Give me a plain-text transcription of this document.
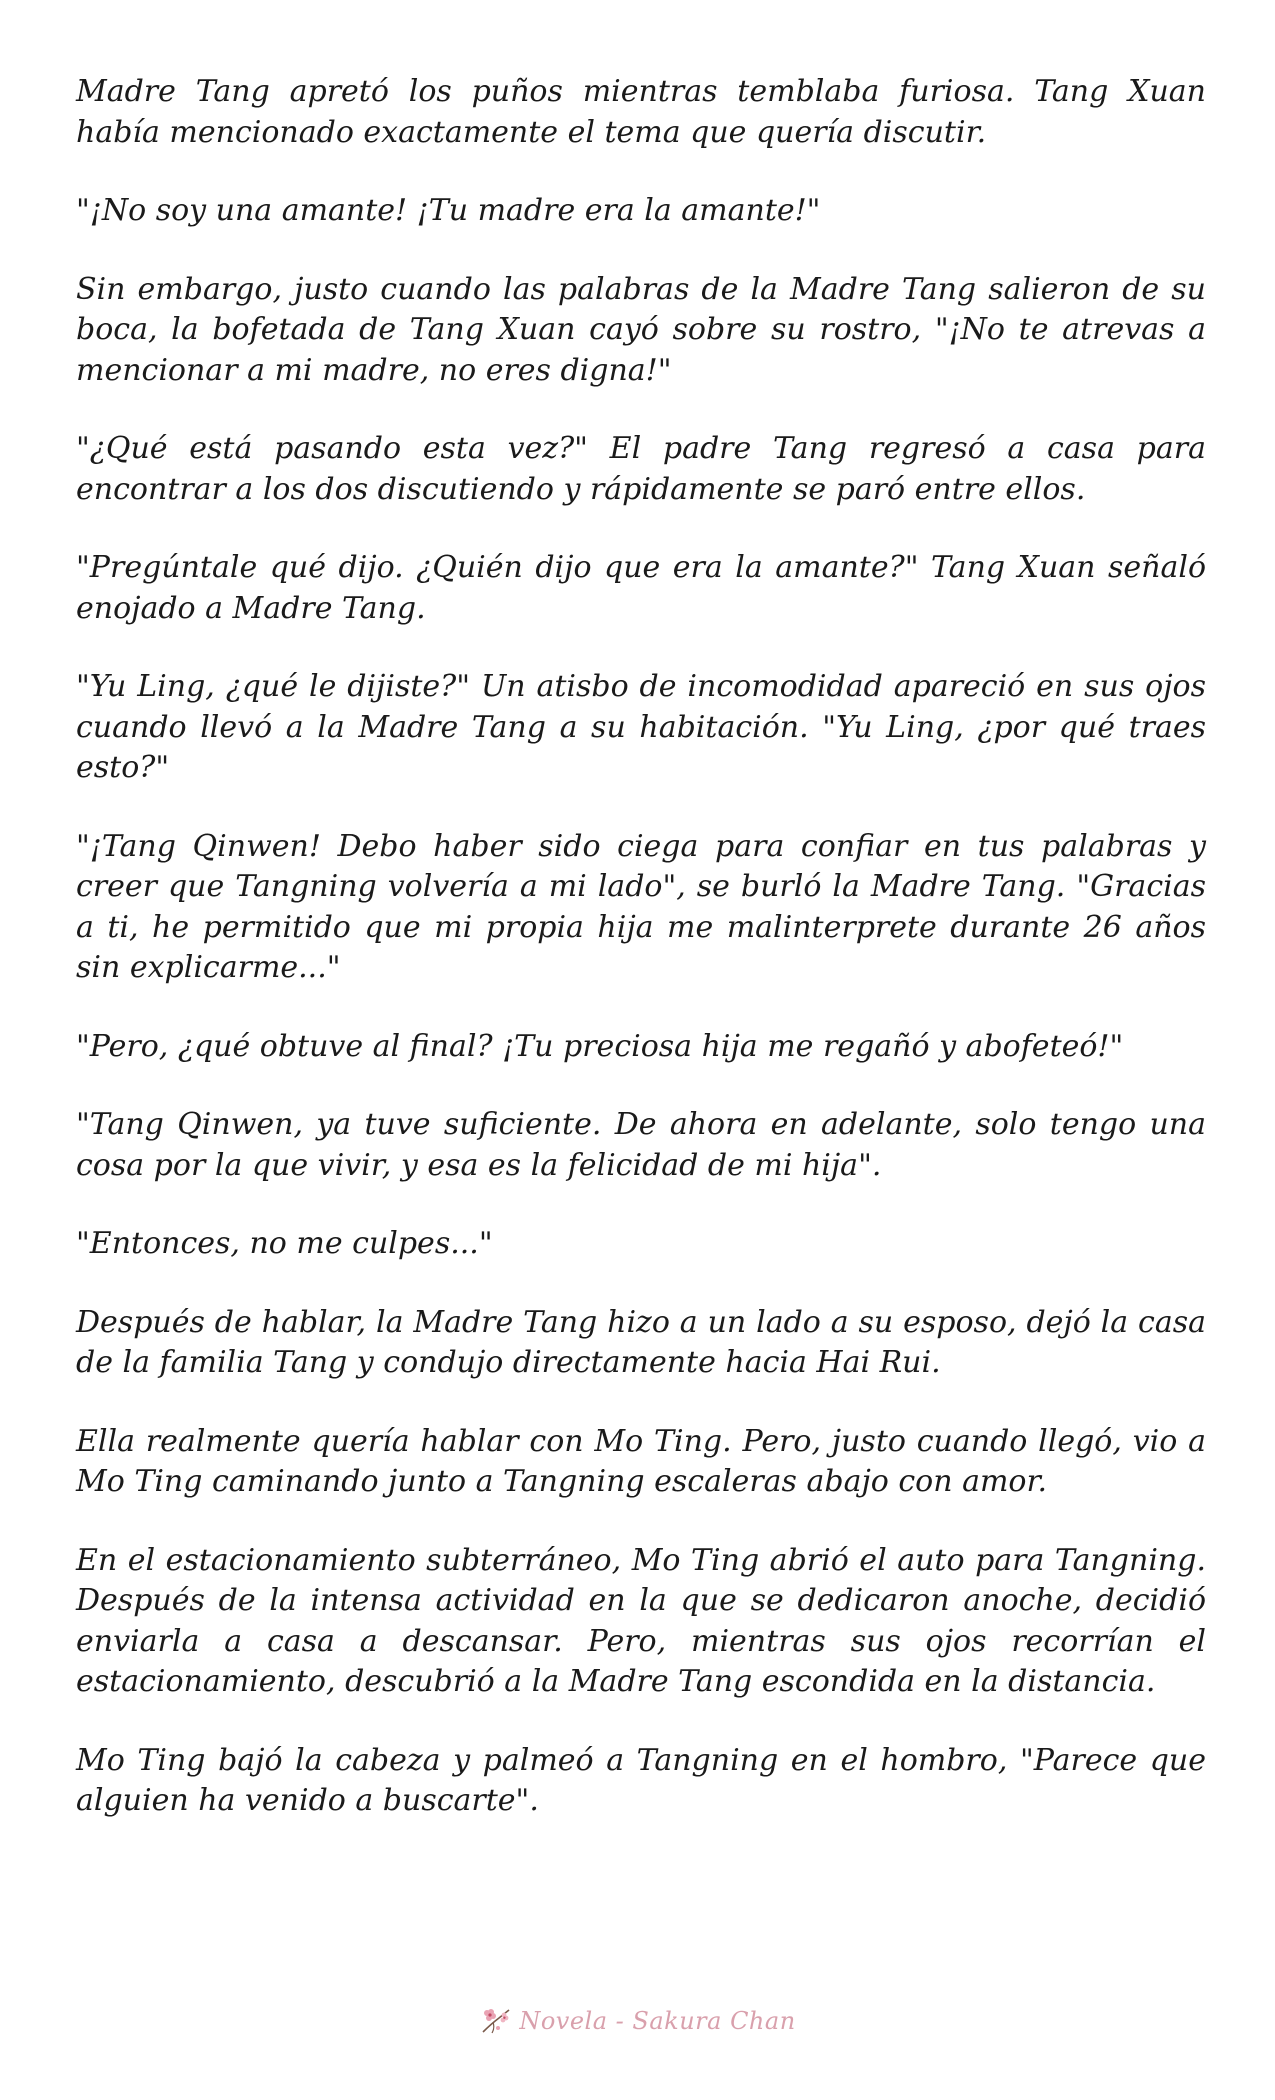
Madre Tang apretó los puños mientras temblaba furiosa. Tang Xuan había mencionado exactamente el tema que quería discutir.

"¡No soy una amante! ¡Tu madre era la amante!"

Sin embargo, justo cuando las palabras de la Madre Tang salieron de su boca, la bofetada de Tang Xuan cayó sobre su rostro, "¡No te atrevas a mencionar a mi madre, no eres digna!"

"¿Qué está pasando esta vez?" El padre Tang regresó a casa para encontrar a los dos discutiendo y rápidamente se paró entre ellos.

"Pregúntale qué dijo. ¿Quién dijo que era la amante?" Tang Xuan señaló enojado a Madre Tang.

"Yu Ling, ¿qué le dijiste?" Un atisbo de incomodidad apareció en sus ojos cuando llevó a la Madre Tang a su habitación. "Yu Ling, ¿por qué traes esto?"

"¡Tang Qinwen! Debo haber sido ciega para confiar en tus palabras y creer que Tangning volvería a mi lado", se burló la Madre Tang. "Gracias a ti, he permitido que mi propia hija me malinterprete durante 26 años sin explicarme..."

"Pero, ¿qué obtuve al final? ¡Tu preciosa hija me regañó y abofeteó!"

"Tang Qinwen, ya tuve suficiente. De ahora en adelante, solo tengo una cosa por la que vivir, y esa es la felicidad de mi hija".

"Entonces, no me culpes..."

Después de hablar, la Madre Tang hizo a un lado a su esposo, dejó la casa de la familia Tang y condujo directamente hacia Hai Rui.

Ella realmente quería hablar con Mo Ting. Pero, justo cuando llegó, vio a Mo Ting caminando junto a Tangning escaleras abajo con amor.

En el estacionamiento subterráneo, Mo Ting abrió el auto para Tangning. Después de la intensa actividad en la que se dedicaron anoche, decidió enviarla a casa a descansar. Pero, mientras sus ojos recorrían el estacionamiento, descubrió a la Madre Tang escondida en la distancia.

Mo Ting bajó la cabeza y palmeó a Tangning en el hombro, "Parece que alguien ha venido a buscarte".

Novela - Sakura Chan
